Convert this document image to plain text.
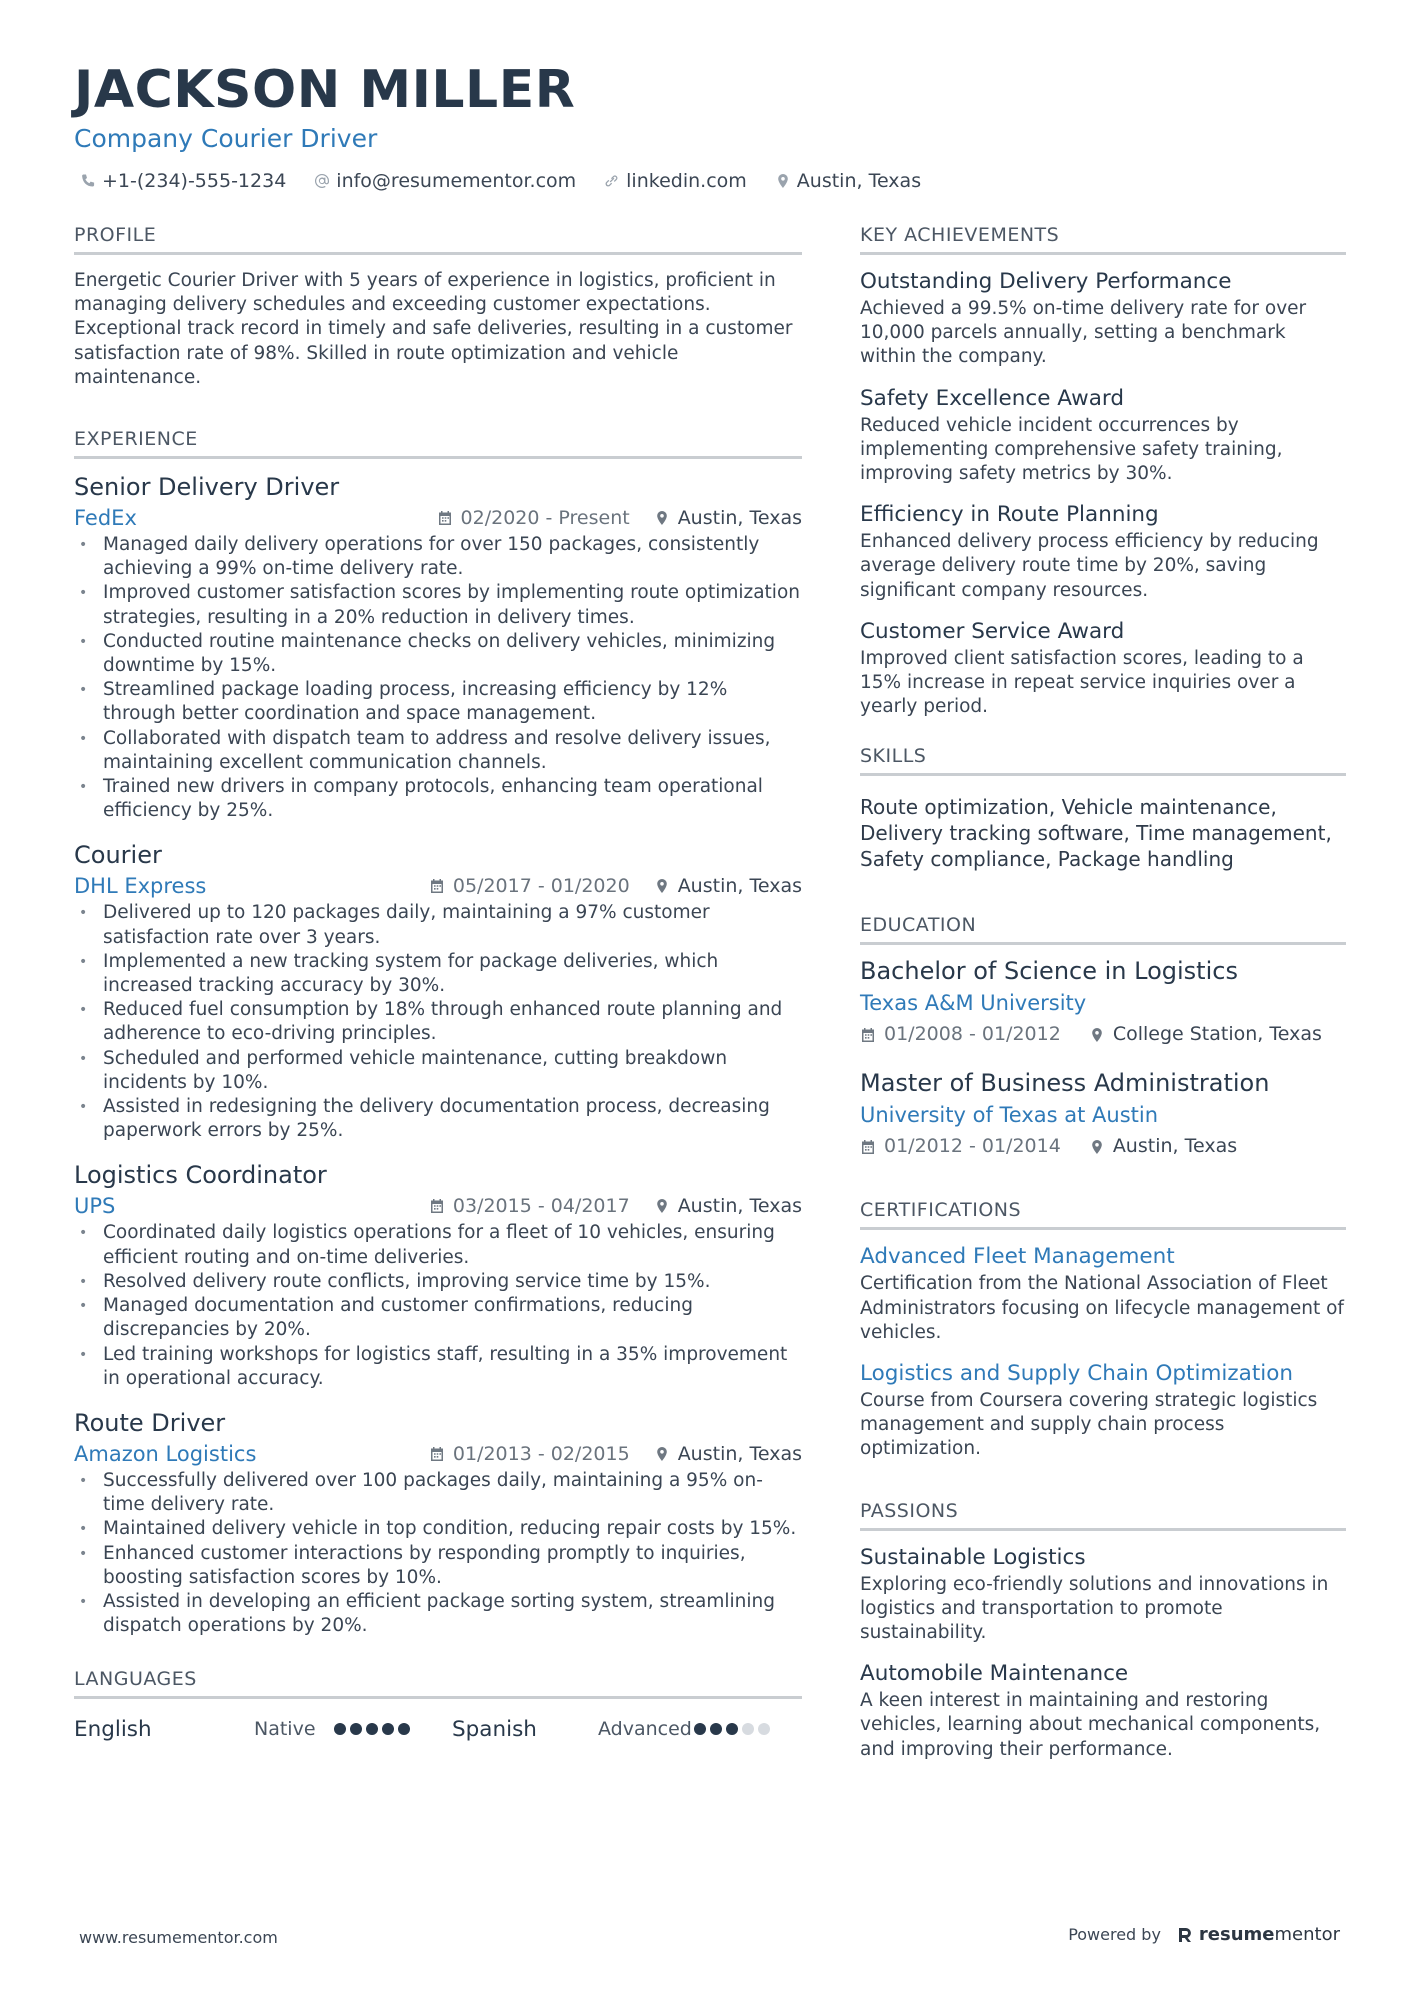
JACKSON MILLER
Company Courier Driver
+1-(234)-555-1234	info@resumementor.com	linkedin.com	Austin, Texas
PROFILE

Energetic Courier Driver with 5 years of experience in logistics, proficient in managing delivery schedules and exceeding customer expectations. Exceptional track record in timely and safe deliveries, resulting in a customer satisfaction rate of 98%. Skilled in route optimization and vehicle maintenance.

EXPERIENCE
Senior Delivery Driver
FedEx	02/2020 - Present	Austin, Texas
• Managed daily delivery operations for over 150 packages, consistently achieving a 99% on-time delivery rate.
• Improved customer satisfaction scores by implementing route optimization strategies, resulting in a 20% reduction in delivery times.
• Conducted routine maintenance checks on delivery vehicles, minimizing downtime by 15%.
• Streamlined package loading process, increasing efficiency by 12% through better coordination and space management.
• Collaborated with dispatch team to address and resolve delivery issues, maintaining excellent communication channels.
• Trained new drivers in company protocols, enhancing team operational efficiency by 25%.
Courier
DHL Express	05/2017 - 01/2020	Austin, Texas
• Delivered up to 120 packages daily, maintaining a 97% customer satisfaction rate over 3 years.
• Implemented a new tracking system for package deliveries, which increased tracking accuracy by 30%.
• Reduced fuel consumption by 18% through enhanced route planning and adherence to eco-driving principles.
• Scheduled and performed vehicle maintenance, cutting breakdown incidents by 10%.
• Assisted in redesigning the delivery documentation process, decreasing paperwork errors by 25%.
Logistics Coordinator
UPS	03/2015 - 04/2017	Austin, Texas
• Coordinated daily logistics operations for a fleet of 10 vehicles, ensuring efficient routing and on-time deliveries.
• Resolved delivery route conflicts, improving service time by 15%.
• Managed documentation and customer confirmations, reducing discrepancies by 20%.
• Led training workshops for logistics staff, resulting in a 35% improvement in operational accuracy.
Route Driver
Amazon Logistics	01/2013 - 02/2015	Austin, Texas
• Successfully delivered over 100 packages daily, maintaining a 95% on-time delivery rate.
• Maintained delivery vehicle in top condition, reducing repair costs by 15%.
• Enhanced customer interactions by responding promptly to inquiries, boosting satisfaction scores by 10%.
• Assisted in developing an efficient package sorting system, streamlining dispatch operations by 20%.
LANGUAGES
English	Native	Spanish	Advanced
KEY ACHIEVEMENTS
Outstanding Delivery Performance
Achieved a 99.5% on-time delivery rate for over 10,000 parcels annually, setting a benchmark within the company.
Safety Excellence Award
Reduced vehicle incident occurrences by implementing comprehensive safety training, improving safety metrics by 30%.
Efficiency in Route Planning
Enhanced delivery process efficiency by reducing average delivery route time by 20%, saving significant company resources.
Customer Service Award
Improved client satisfaction scores, leading to a 15% increase in repeat service inquiries over a yearly period.
SKILLS

Route optimization, Vehicle maintenance, Delivery tracking software, Time management, Safety compliance, Package handling

EDUCATION
Bachelor of Science in Logistics
Texas A&M University
01/2008 - 01/2012	College Station, Texas
Master of Business Administration
University of Texas at Austin
01/2012 - 01/2014	Austin, Texas
CERTIFICATIONS
Advanced Fleet Management
Certification from the National Association of Fleet Administrators focusing on lifecycle management of vehicles.
Logistics and Supply Chain Optimization
Course from Coursera covering strategic logistics management and supply chain process optimization.
PASSIONS
Sustainable Logistics
Exploring eco-friendly solutions and innovations in logistics and transportation to promote sustainability.
Automobile Maintenance
A keen interest in maintaining and restoring vehicles, learning about mechanical components, and improving their performance.
www.resumementor.com	Powered by resumementor
